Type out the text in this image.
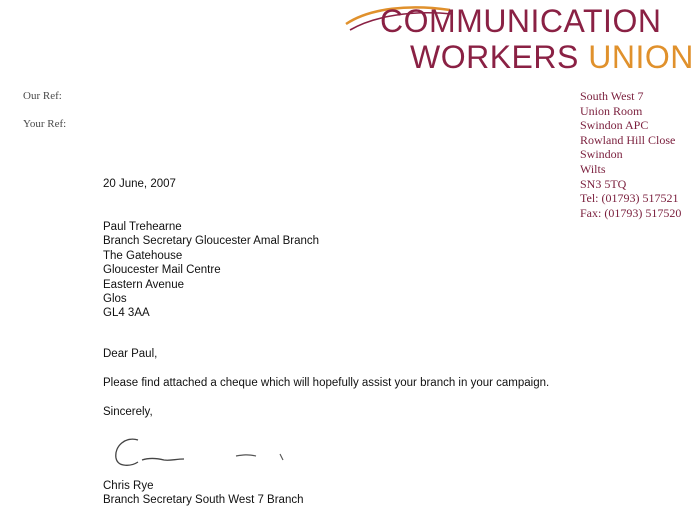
COMMUNICATION
WORKERS UNION
Our Ref:
Your Ref:
South West 7
Union Room
Swindon APC
Rowland Hill Close
Swindon
Wilts
SN3 5TQ
Tel: (01793) 517521
Fax: (01793) 517520
20 June, 2007
Paul Trehearne
Branch Secretary Gloucester Amal Branch
The Gatehouse
Gloucester Mail Centre
Eastern Avenue
Glos
GL4 3AA
Dear Paul,
Please find attached a cheque which will hopefully assist your branch in your campaign.
Sincerely,
Chris Rye
Branch Secretary South West 7 Branch
